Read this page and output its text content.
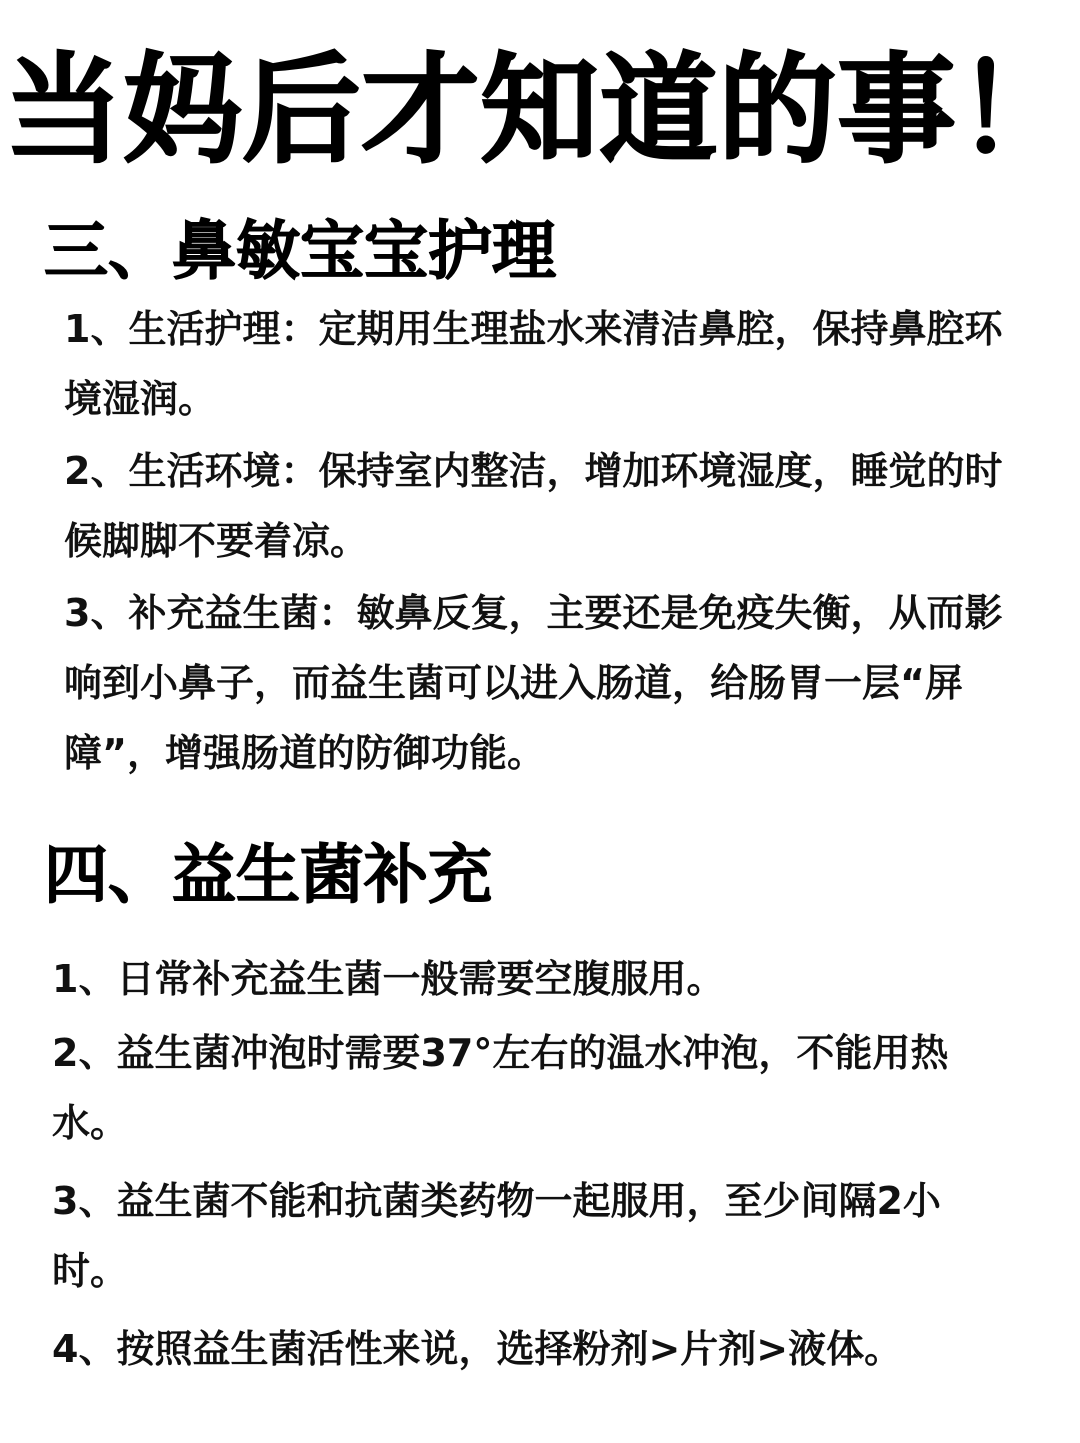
当妈后才知道的事！
三、鼻敏宝宝护理
1、生活护理：定期用生理盐水来清洁鼻腔，保持鼻腔环境湿润。
2、生活环境：保持室内整洁，增加环境湿度，睡觉的时候脚脚不要着凉。
3、补充益生菌：敏鼻反复，主要还是免疫失衡，从而影响到小鼻子，而益生菌可以进入肠道，给肠胃一层“屏障”，增强肠道的防御功能。
四、益生菌补充
1、日常补充益生菌一般需要空腹服用。
2、益生菌冲泡时需要37°左右的温水冲泡，不能用热水。
3、益生菌不能和抗菌类药物一起服用，至少间隔2小时。
4、按照益生菌活性来说，选择粉剂>片剂>液体。
